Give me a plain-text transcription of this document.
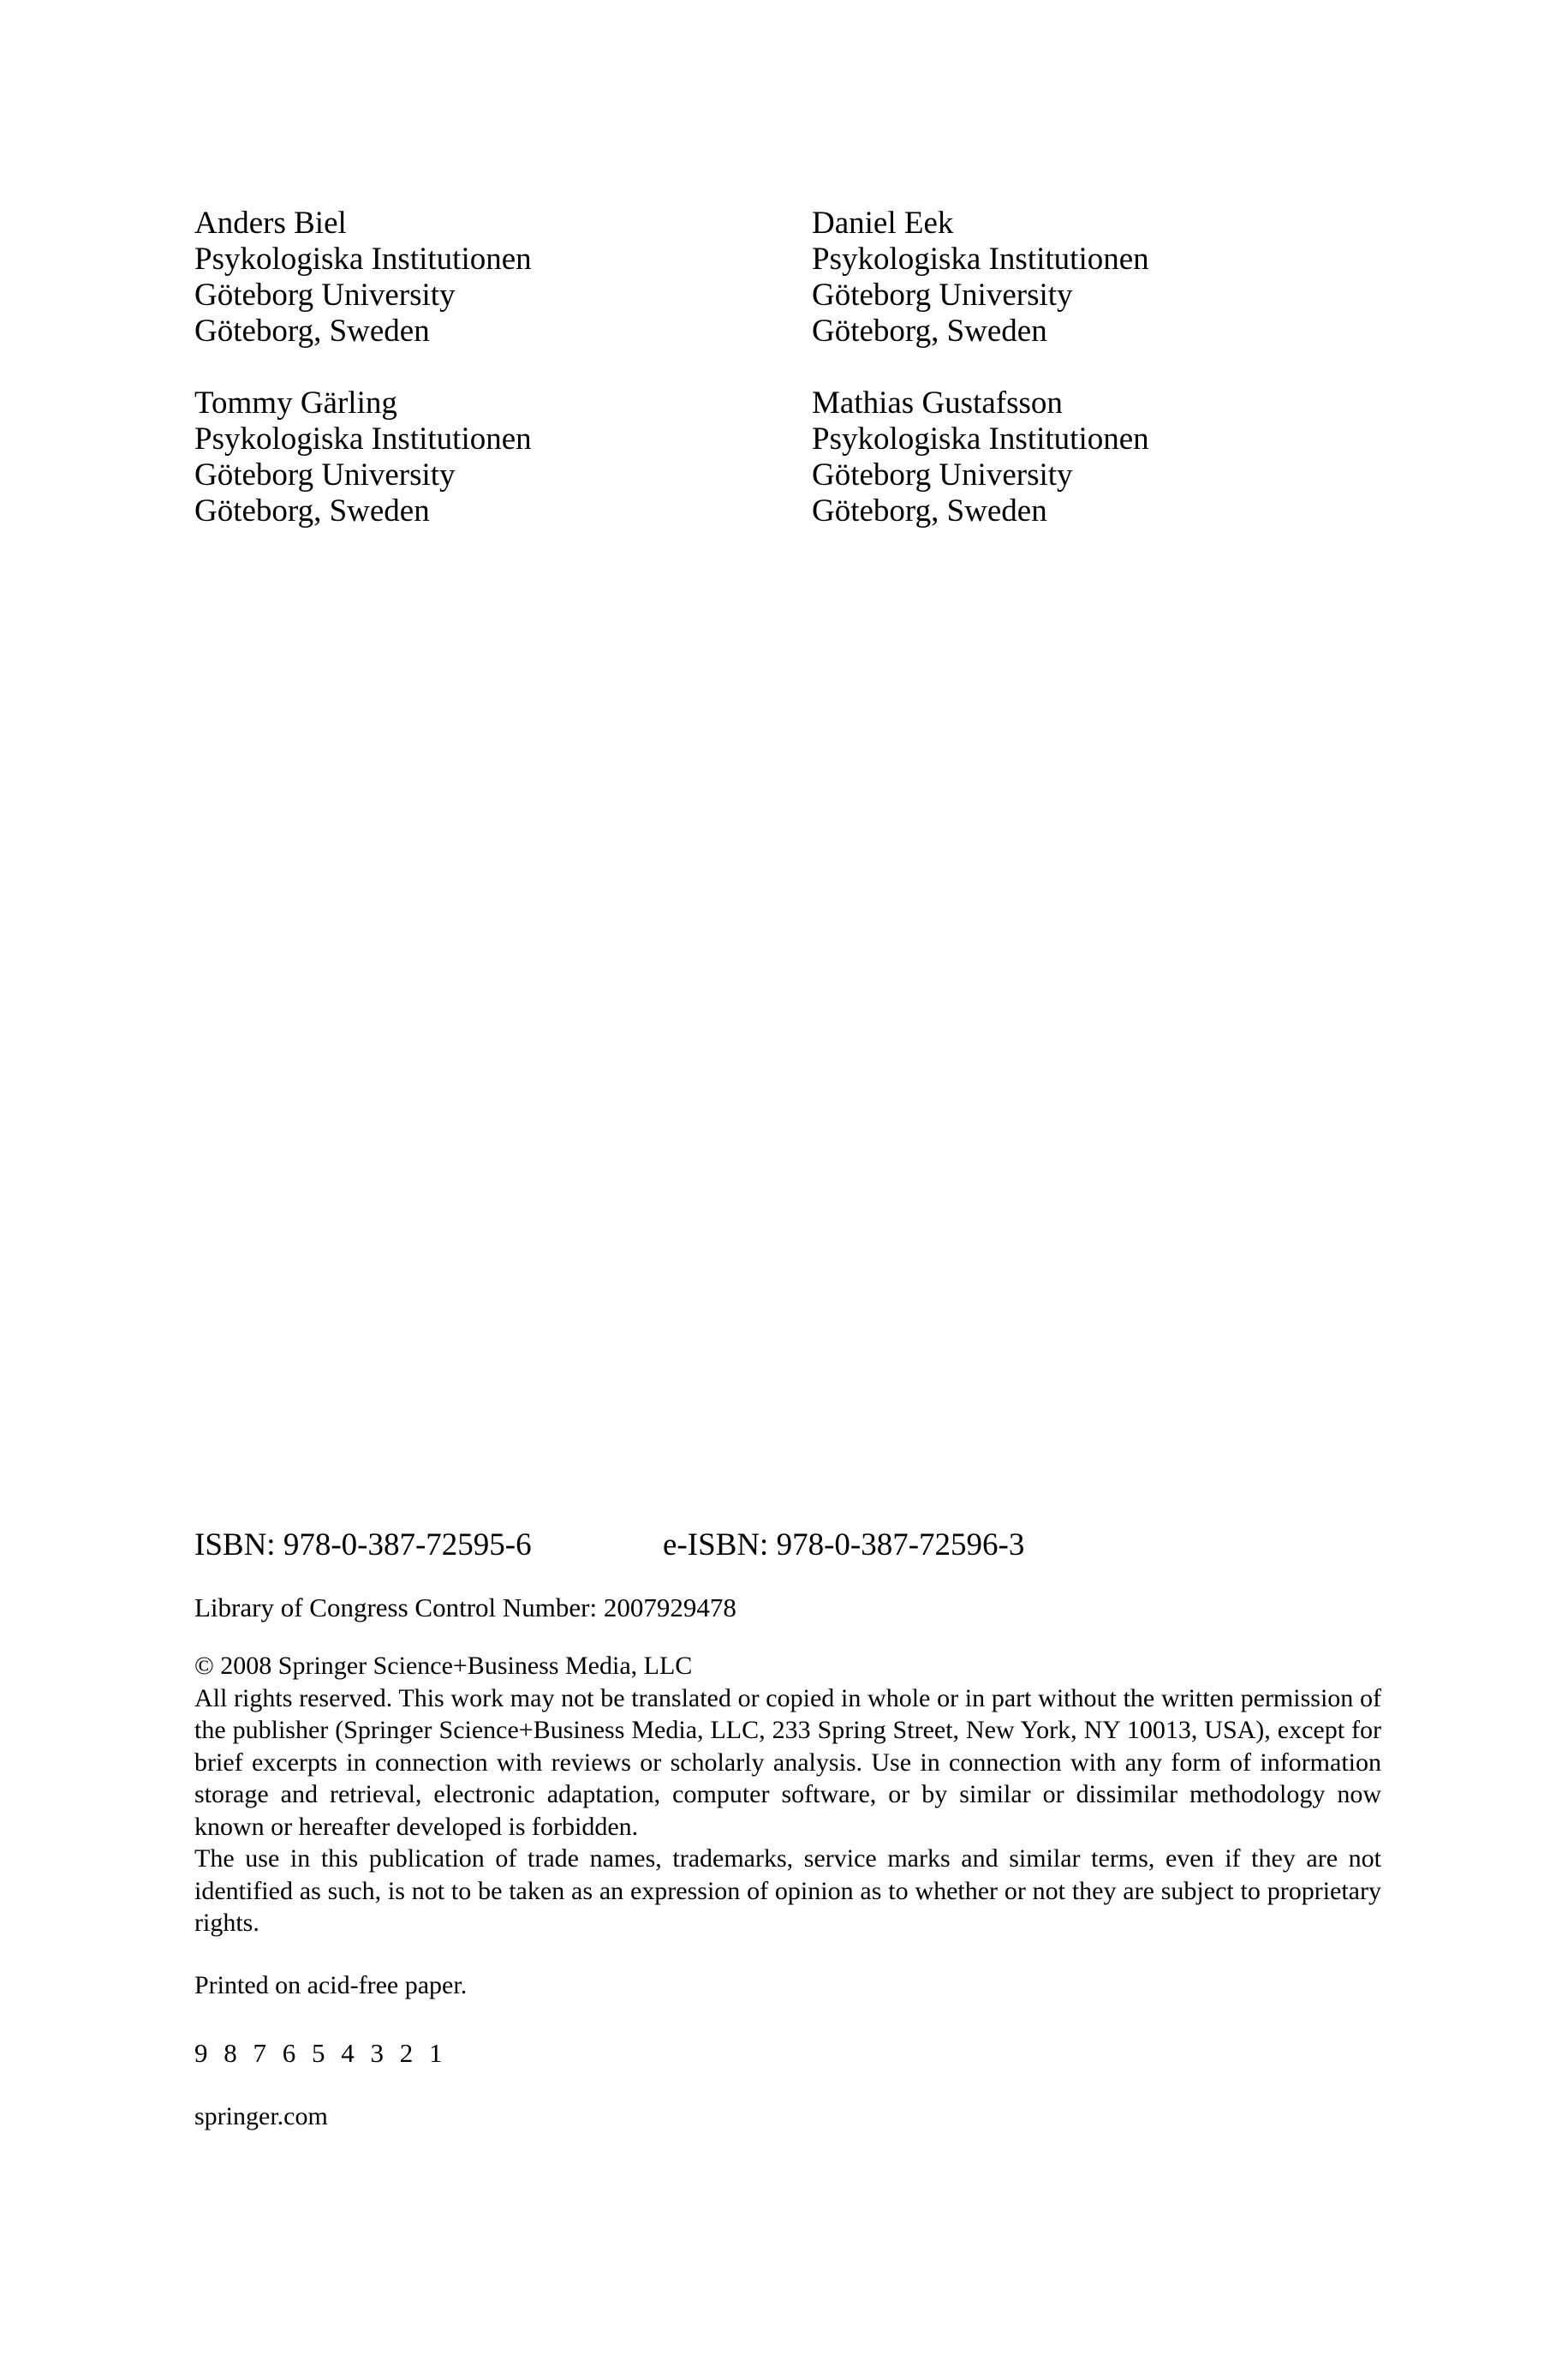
Anders Biel
Psykologiska Institutionen
Göteborg University
Göteborg, Sweden
Daniel Eek
Psykologiska Institutionen
Göteborg University
Göteborg, Sweden
Tommy Gärling
Psykologiska Institutionen
Göteborg University
Göteborg, Sweden
Mathias Gustafsson
Psykologiska Institutionen
Göteborg University
Göteborg, Sweden
ISBN: 978-0-387-72595-6	e-ISBN: 978-0-387-72596-3
Library of Congress Control Number: 2007929478

© 2008 Springer Science+Business Media, LLC

All rights reserved. This work may not be translated or copied in whole or in part without the written permission of the publisher (Springer Science+Business Media, LLC, 233 Spring Street, New York, NY 10013, USA), except for brief excerpts in connection with reviews or scholarly analysis. Use in connection with any form of information storage and retrieval, electronic adaptation, computer software, or by similar or dissimilar methodology now known or hereafter developed is forbidden.

The use in this publication of trade names, trademarks, service marks and similar terms, even if they are not identified as such, is not to be taken as an expression of opinion as to whether or not they are subject to proprietary rights.

Printed on acid-free paper.
9 8 7 6 5 4 3 2 1
springer.com
